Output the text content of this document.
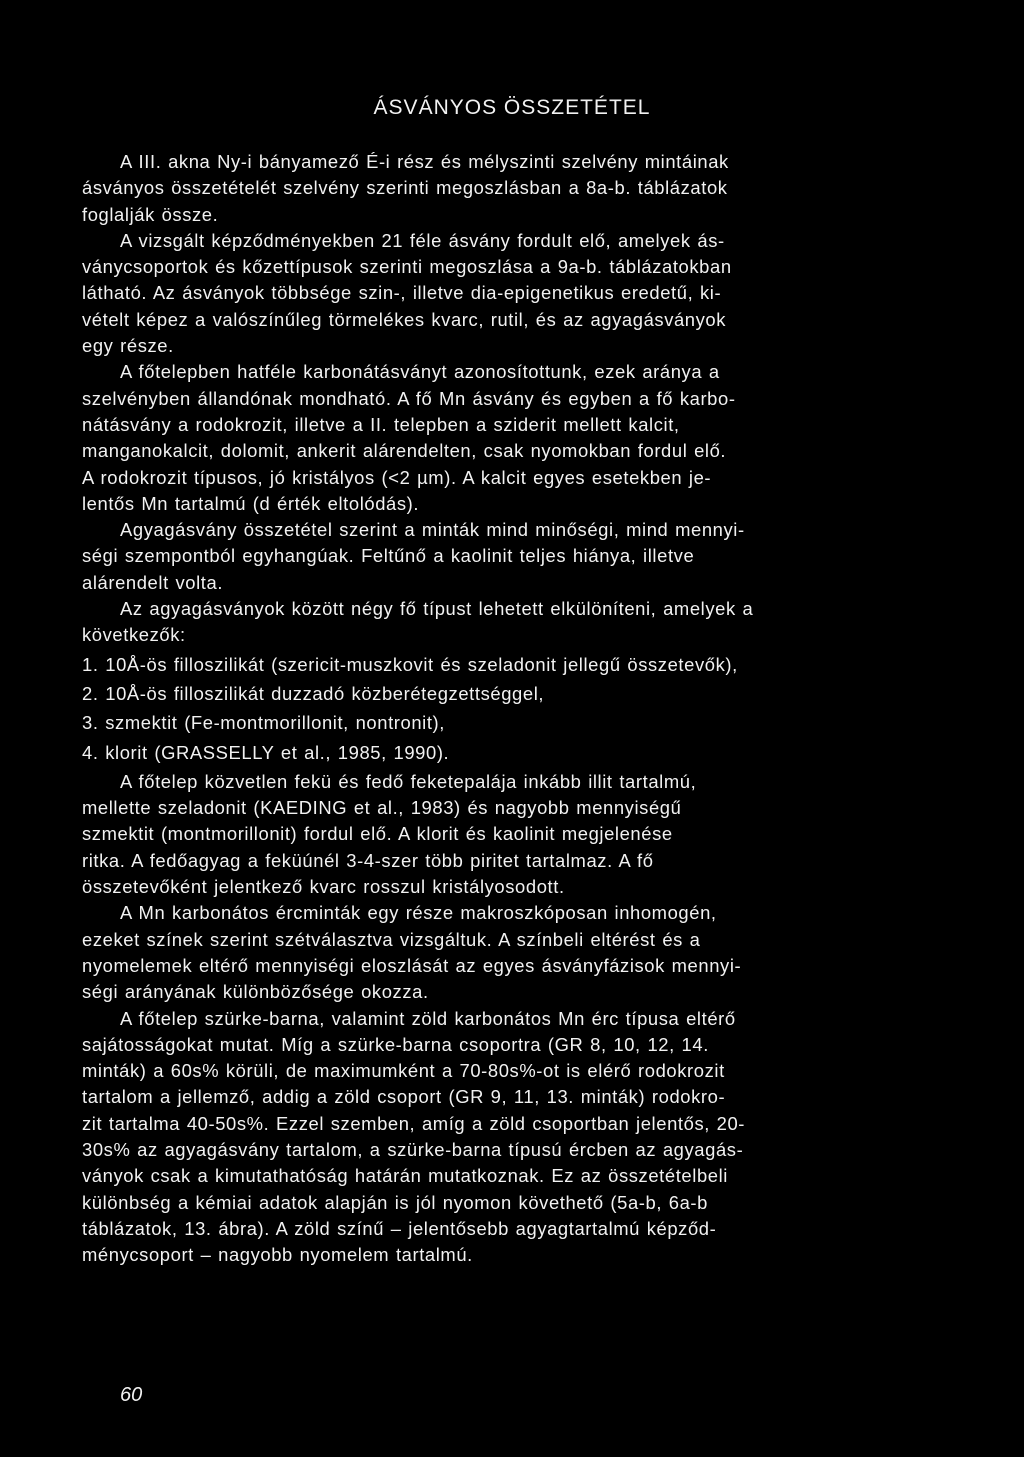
ÁSVÁNYOS ÖSSZETÉTEL
A III. akna Ny-i bányamező É-i rész és mélyszinti szelvény mintáinak
ásványos összetételét szelvény szerinti megoszlásban a 8a-b. táblázatok
foglalják össze.
A vizsgált képződményekben 21 féle ásvány fordult elő, amelyek ás-
ványcsoportok és kőzettípusok szerinti megoszlása a 9a-b. táblázatokban
látható. Az ásványok többsége szin-, illetve dia-epigenetikus eredetű, ki-
vételt képez a valószínűleg törmelékes kvarc, rutil, és az agyagásványok
egy része.
A főtelepben hatféle karbonátásványt azonosítottunk, ezek aránya a
szelvényben állandónak mondható. A fő Mn ásvány és egyben a fő karbo-
nátásvány a rodokrozit, illetve a II. telepben a sziderit mellett kalcit,
manganokalcit, dolomit, ankerit alárendelten, csak nyomokban fordul elő.
A rodokrozit típusos, jó kristályos (<2 µm). A kalcit egyes esetekben je-
lentős Mn tartalmú (d érték eltolódás).
Agyagásvány összetétel szerint a minták mind minőségi, mind mennyi-
ségi szempontból egyhangúak. Feltűnő a kaolinit teljes hiánya, illetve
alárendelt volta.
Az agyagásványok között négy fő típust lehetett elkülöníteni, amelyek a
következők:
1. 10Å-ös filloszilikát (szericit-muszkovit és szeladonit jellegű összetevők),
2. 10Å-ös filloszilikát duzzadó közberétegzettséggel,
3. szmektit (Fe-montmorillonit, nontronit),
4. klorit (GRASSELLY et al., 1985, 1990).
A főtelep közvetlen fekü és fedő feketepalája inkább illit tartalmú,
mellette szeladonit (KAEDING et al., 1983) és nagyobb mennyiségű
szmektit (montmorillonit) fordul elő. A klorit és kaolinit megjelenése
ritka. A fedőagyag a feküúnél 3-4-szer több piritet tartalmaz. A fő
összetevőként jelentkező kvarc rosszul kristályosodott.
A Mn karbonátos ércminták egy része makroszkóposan inhomogén,
ezeket színek szerint szétválasztva vizsgáltuk. A színbeli eltérést és a
nyomelemek eltérő mennyiségi eloszlását az egyes ásványfázisok mennyi-
ségi arányának különbözősége okozza.
A főtelep szürke-barna, valamint zöld karbonátos Mn érc típusa eltérő
sajátosságokat mutat. Míg a szürke-barna csoportra (GR 8, 10, 12, 14.
minták) a 60s% körüli, de maximumként a 70-80s%-ot is elérő rodokrozit
tartalom a jellemző, addig a zöld csoport (GR 9, 11, 13. minták) rodokro-
zit tartalma 40-50s%. Ezzel szemben, amíg a zöld csoportban jelentős, 20-
30s% az agyagásvány tartalom, a szürke-barna típusú ércben az agyagás-
ványok csak a kimutathatóság határán mutatkoznak. Ez az összetételbeli
különbség a kémiai adatok alapján is jól nyomon követhető (5a-b, 6a-b
táblázatok, 13. ábra). A zöld színű – jelentősebb agyagtartalmú képződ-
ménycsoport – nagyobb nyomelem tartalmú.
60
